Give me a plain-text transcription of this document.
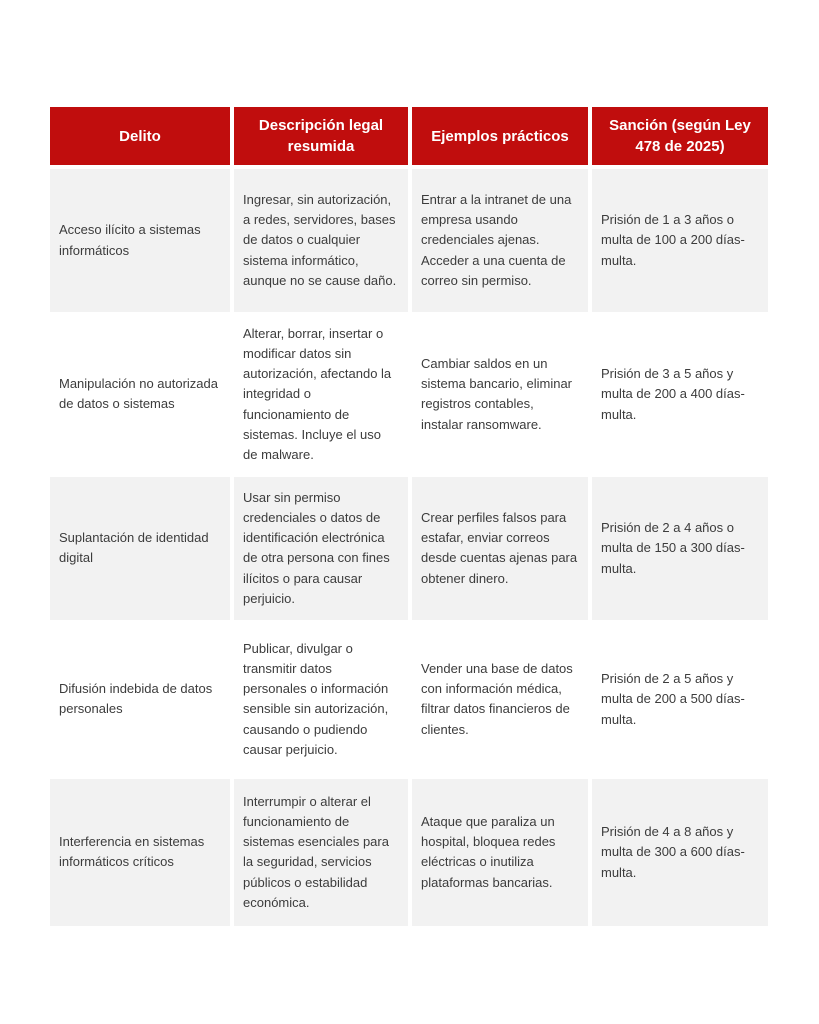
Delito
Descripción legal resumida
Ejemplos prácticos
Sanción (según Ley 478 de 2025)
Acceso ilícito a sistemas informáticos
Ingresar, sin autorización, a redes, servidores, bases de datos o cualquier sistema informático, aunque no se cause daño.
Entrar a la intranet de una empresa usando credenciales ajenas. Acceder a una cuenta de correo sin permiso.
Prisión de 1 a 3 años o multa de 100 a 200 días-multa.
Manipulación no autorizada de datos o sistemas
Alterar, borrar, insertar o modificar datos sin autorización, afectando la integridad o funcionamiento de sistemas. Incluye el uso de malware.
Cambiar saldos en un sistema bancario, eliminar registros contables, instalar ransomware.
Prisión de 3 a 5 años y multa de 200 a 400 días-multa.
Suplantación de identidad digital
Usar sin permiso credenciales o datos de identificación electrónica de otra persona con fines ilícitos o para causar perjuicio.
Crear perfiles falsos para estafar, enviar correos desde cuentas ajenas para obtener dinero.
Prisión de 2 a 4 años o multa de 150 a 300 días-multa.
Difusión indebida de datos personales
Publicar, divulgar o transmitir datos personales o información sensible sin autorización, causando o pudiendo causar perjuicio.
Vender una base de datos con información médica, filtrar datos financieros de clientes.
Prisión de 2 a 5 años y multa de 200 a 500 días-multa.
Interferencia en sistemas informáticos críticos
Interrumpir o alterar el funcionamiento de sistemas esenciales para la seguridad, servicios públicos o estabilidad económica.
Ataque que paraliza un hospital, bloquea redes eléctricas o inutiliza plataformas bancarias.
Prisión de 4 a 8 años y multa de 300 a 600 días-multa.
